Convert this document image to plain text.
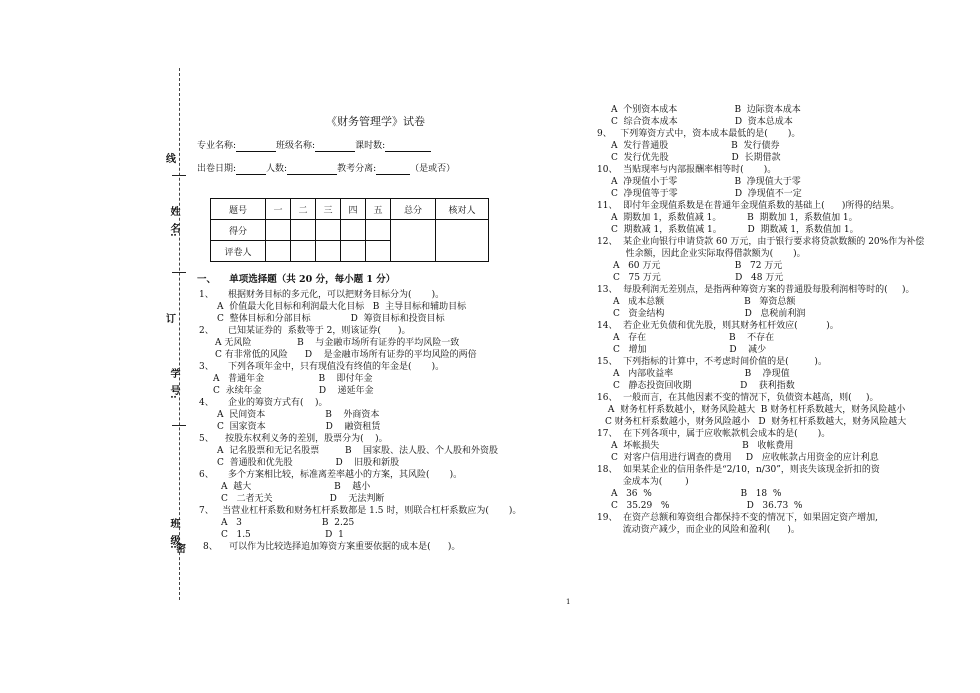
线
姓  名:
订
学  号:
班  级:
密
《财务管理学》试卷
专业名称:	班级名称:	课时数:
出卷日期:	人数:	教考分离:	（是或否）
题号	一	二	三	四	五	总分	核对人
得分							
评卷人							
一、 单项选择题（共 20 分，每小题 1 分）
1、     根据财务目标的多元化，可以把财务目标分为(       )。
A  价值最大化目标和利润最大化目标   B  主导目标和辅助目标
C  整体目标和分部目标              D  筹资目标和投资目标
2、     已知某证券的  系数等于 2，则该证券(      )。
A 无风险                B    与金融市场所有证券的平均风险一致
C 有非常低的风险      D    是金融市场所有证券的平均风险的两倍
3、     下列各项年金中，只有现值没有终值的年金是(       )。
A   普通年金                   B    即付年金
C  永续年金                    D    递延年金
4、     企业的筹资方式有(    )。
A  民间资本                     B    外商资本
C  国家资本                     D    融资租赁
5、    按股东权利义务的差别，股票分为(    )。
A  记名股票和无记名股票         B    国家股、法人股、个人股和外资股
C  普通股和优先股               D    旧股和新股
6、     多个方案相比较，标准离差率越小的方案，其风险(       )。
A  越大                             B    越小
C   二者无关                    D    无法判断
7、   当营业杠杆系数和财务杠杆系数都是 1.5 时，则联合杠杆系数应为(       )。
A   3                            B  2.25
C   1.5                          D  1
8、    可以作为比较选择追加筹资方案重要依据的成本是(      )。
A  个别资本成本                    B  边际资本成本
C  综合资本成本                    D  资本总成本
9、   下列筹资方式中，资本成本最低的是(       )。
A  发行普通股                      B  发行债券
C  发行优先股                      D  长期借款
10、  当贴现率与内部报酬率相等时(       )。
A  净现值小于零                    B  净现值大于零
C  净现值等于零                    D  净现值不一定
11、  即付年金现值系数是在普通年金现值系数的基础上(      )所得的结果。
A  期数加 1，系数值减 1。         B  期数加 1，系数值加 1。
C  期数减 1，系数值减 1。         D  期数减 1，系数值加 1。
12、  某企业向银行申请贷款 60 万元，由于银行要求将贷款数额的 20%作为补偿
性余额，因此企业实际取得借款额为(       )。
A   60 万元                          B   72 万元
C   75 万元                          D   48 万元
13、  每股利润无差别点，是指两种筹资方案的普通股每股利润相等时的(     )。
A   成本总额                            B   筹资总额
C   资金结构                            D   息税前利润
14、  若企业无负债和优先股，则其财务杠杆效应(          )。
A   存在                             B    不存在
C   增加                             D    减少
15、  下列指标的计算中，不考虑时间价值的是(         )。
A   内部收益率                         B    净现值
C   静态投资回收期                 D    获利指数
16、  一般而言，在其他因素不变的情况下，负债资本越高，则(     )。
A  财务杠杆系数越小，财务风险越大  B 财务杠杆系数越大，财务风险越小
C 财务杠杆系数越小，财务风险越小   D  财务杠杆系数越大，财务风险越大
17、  在下列各项中，属于应收帐款机会成本的是(       )。
A  坏帐损失                             B   收帐费用
C  对客户信用进行调查的费用     D   应收帐款占用资金的应计利息
18、  如果某企业的信用条件是“2/10，n/30”，则丧失该现金折扣的资
金成本为(        )
A   36  %                               B   18  %
C   35.29   %                           D   36.73  %
19、  在资产总额和筹资组合都保持不变的情况下，如果固定资产增加,
流动资产减少，而企业的风险和盈利(      )。
1
